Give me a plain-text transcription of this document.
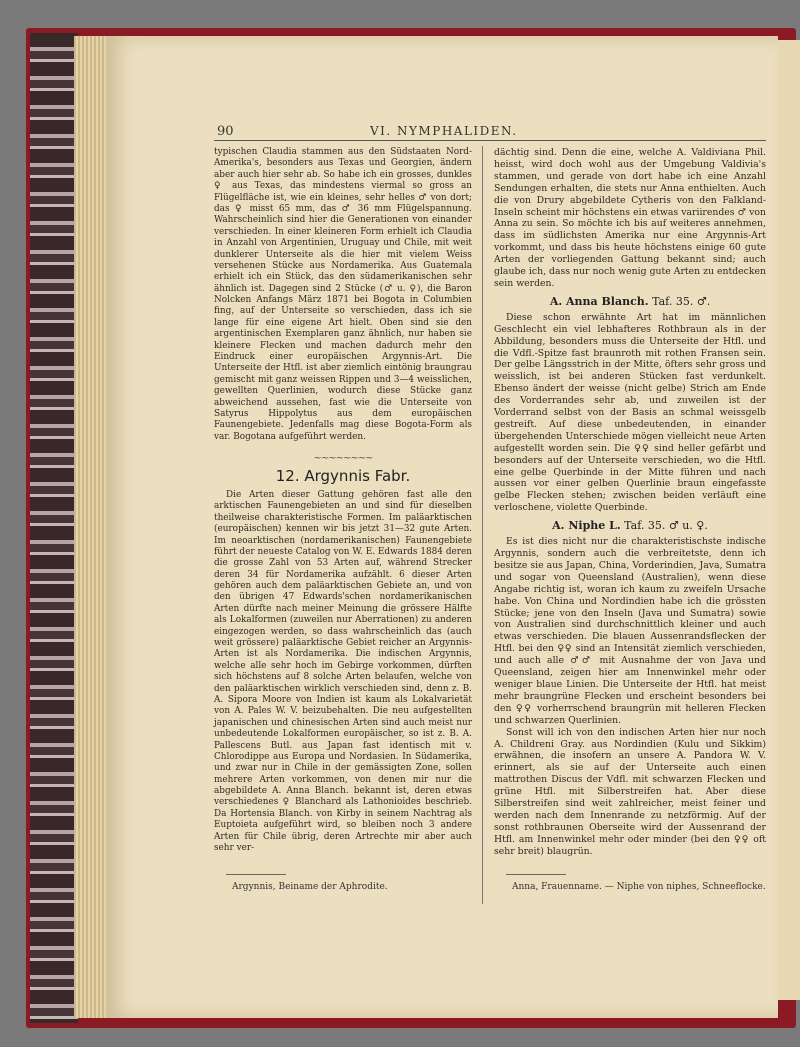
90	VI. NYMPHALIDEN.

typischen Claudia stammen aus den Südstaaten Nord-Amerika's, besonders aus Texas und Georgien, ändern aber auch hier sehr ab. So habe ich ein grosses, dunkles ♀ aus Texas, das mindestens viermal so gross an Flügelfläche ist, wie ein kleines, sehr helles ♂ von dort; das ♀ misst 65 mm, das ♂ 36 mm Flügelspannung. Wahrscheinlich sind hier die Generationen von einander verschieden. In einer kleineren Form erhielt ich Claudia in Anzahl von Argentinien, Uruguay und Chile, mit weit dunklerer Unterseite als die hier mit vielem Weiss versehenen Stücke aus Nordamerika. Aus Guatemala erhielt ich ein Stück, das den südamerikanischen sehr ähnlich ist. Dagegen sind 2 Stücke (♂ u. ♀), die Baron Nolcken Anfangs März 1871 bei Bogota in Columbien fing, auf der Unterseite so verschieden, dass ich sie lange für eine eigene Art hielt. Oben sind sie den argentinischen Exemplaren ganz ähnlich, nur haben sie kleinere Flecken und machen dadurch mehr den Eindruck einer europäischen Argynnis-Art. Die Unterseite der Htfl. ist aber ziemlich eintönig braungrau gemischt mit ganz weissen Rippen und 3—4 weisslichen, gewellten Querlinien, wodurch diese Stücke ganz abweichend aussehen, fast wie die Unterseite von Satyrus Hippolytus aus dem europäischen Faunengebiete. Jedenfalls mag diese Bogota-Form als var. Bogotana aufgeführt werden.

~~~~~~~~
12. Argynnis Fabr.

Die Arten dieser Gattung gehören fast alle den arktischen Faunengebieten an und sind für dieselben theilweise charakteristische Formen. Im paläarktischen (europäischen) kennen wir bis jetzt 31—32 gute Arten. Im neoarktischen (nordamerikanischen) Faunengebiete führt der neueste Catalog von W. E. Edwards 1884 deren die grosse Zahl von 53 Arten auf, während Strecker deren 34 für Nordamerika aufzählt. 6 dieser Arten gehören auch dem paläarktischen Gebiete an, und von den übrigen 47 Edwards'schen nordamerikanischen Arten dürfte nach meiner Meinung die grössere Hälfte als Lokalformen (zuweilen nur Aberrationen) zu anderen eingezogen werden, so dass wahrscheinlich das (auch weit grössere) paläarktische Gebiet reicher an Argynnis-Arten ist als Nordamerika. Die indischen Argynnis, welche alle sehr hoch im Gebirge vorkommen, dürften sich höchstens auf 8 solche Arten belaufen, welche von den paläarktischen wirklich verschieden sind, denn z. B. A. Sipora Moore von Indien ist kaum als Lokalvarietät von A. Pales W. V. beizubehalten. Die neu aufgestellten japanischen und chinesischen Arten sind auch meist nur unbedeutende Lokalformen europäischer, so ist z. B. A. Pallescens Butl. aus Japan fast identisch mit v. Chlorodippe aus Europa und Nordasien. In Südamerika, und zwar nur in Chile in der gemässigten Zone, sollen mehrere Arten vorkommen, von denen mir nur die abgebildete A. Anna Blanch. bekannt ist, deren etwas verschiedenes ♀ Blanchard als Lathonioides beschrieb. Da Hortensia Blanch. von Kirby in seinem Nachtrag als Euptoieta aufgeführt wird, so bleiben noch 3 andere Arten für Chile übrig, deren Artrechte mir aber auch sehr ver-

dächtig sind. Denn die eine, welche A. Valdiviana Phil. heisst, wird doch wohl aus der Umgebung Valdivia's stammen, und gerade von dort habe ich eine Anzahl Sendungen erhalten, die stets nur Anna enthielten. Auch die von Drury abgebildete Cytheris von den Falkland-Inseln scheint mir höchstens ein etwas variirendes ♂ von Anna zu sein. So möchte ich bis auf weiteres annehmen, dass im südlichsten Amerika nur eine Argynnis-Art vorkommt, und dass bis heute höchstens einige 60 gute Arten der vorliegenden Gattung bekannt sind; auch glaube ich, dass nur noch wenig gute Arten zu entdecken sein werden.

A. Anna Blanch. Taf. 35. ♂.

Diese schon erwähnte Art hat im männlichen Geschlecht ein viel lebhafteres Rothbraun als in der Abbildung, besonders muss die Unterseite der Htfl. und die Vdfl.-Spitze fast braunroth mit rothen Fransen sein. Der gelbe Längsstrich in der Mitte, öfters sehr gross und weisslich, ist bei anderen Stücken fast verdunkelt. Ebenso ändert der weisse (nicht gelbe) Strich am Ende des Vorderrandes sehr ab, und zuweilen ist der Vorderrand selbst von der Basis an schmal weissgelb gestreift. Auf diese unbedeutenden, in einander übergehenden Unterschiede mögen vielleicht neue Arten aufgestellt worden sein. Die ♀♀ sind heller gefärbt und besonders auf der Unterseite verschieden, wo die Htfl. eine gelbe Querbinde in der Mitte führen und nach aussen vor einer gelben Querlinie braun eingefasste gelbe Flecken stehen; zwischen beiden verläuft eine verloschene, violette Querbinde.

A. Niphe L. Taf. 35. ♂ u. ♀.

Es ist dies nicht nur die charakteristischste indische Argynnis, sondern auch die verbreitetste, denn ich besitze sie aus Japan, China, Vorderindien, Java, Sumatra und sogar von Queensland (Australien), wenn diese Angabe richtig ist, woran ich kaum zu zweifeln Ursache habe. Von China und Nordindien habe ich die grössten Stücke; jene von den Inseln (Java und Sumatra) sowie von Australien sind durchschnittlich kleiner und auch etwas verschieden. Die blauen Aussenrandsflecken der Htfl. bei den ♀♀ sind an Intensität ziemlich verschieden, und auch alle ♂♂ mit Ausnahme der von Java und Queensland, zeigen hier am Innenwinkel mehr oder weniger blaue Linien. Die Unterseite der Htfl. hat meist mehr braungrüne Flecken und erscheint besonders bei den ♀♀ vorherrschend braungrün mit helleren Flecken und schwarzen Querlinien.

Sonst will ich von den indischen Arten hier nur noch A. Childreni Gray. aus Nordindien (Kulu und Sikkim) erwähnen, die insofern an unsere A. Pandora W. V. erinnert, als sie auf der Unterseite auch einen mattrothen Discus der Vdfl. mit schwarzen Flecken und grüne Htfl. mit Silberstreifen hat. Aber diese Silberstreifen sind weit zahlreicher, meist feiner und werden nach dem Innenrande zu netzförmig. Auf der sonst rothbraunen Oberseite wird der Aussenrand der Htfl. am Innenwinkel mehr oder minder (bei den ♀♀ oft sehr breit) blaugrün.

Argynnis, Beiname der Aphrodite.	Anna, Frauenname. — Niphe von niphes, Schneeflocke.
